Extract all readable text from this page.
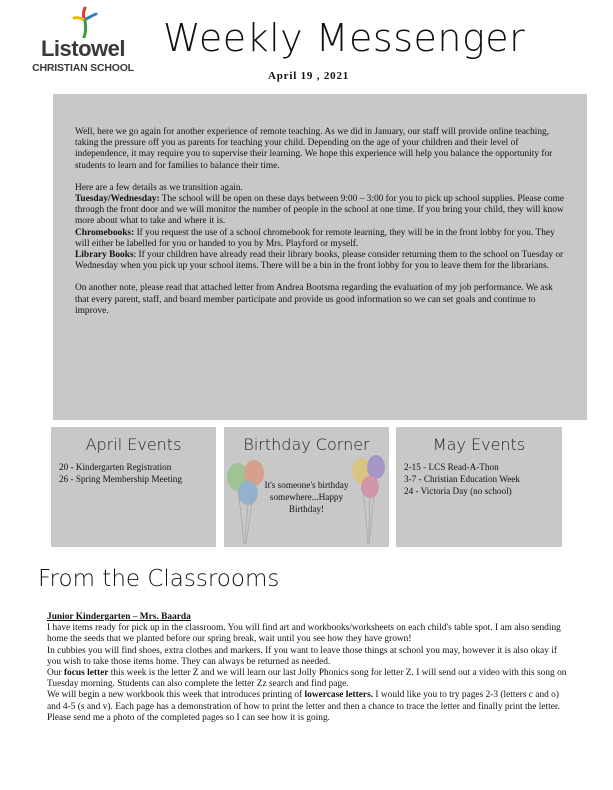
Listowel
CHRISTIAN SCHOOL
Weekly Messenger
April 19 , 2021

Well, here we go again for another experience of remote teaching. As we did in January, our staff will provide online teaching, taking the pressure off you as parents for teaching your child. Depending on the age of your children and their level of independence, it may require you to supervise their learning. We hope this experience will help you balance the opportunity for students to learn and for families to balance their time.

Here are a few details as we transition again.
Tuesday/Wednesday: The school will be open on these days between 9:00 – 3:00 for you to pick up school supplies. Please come through the front door and we will monitor the number of people in the school at one time. If you bring your child, they will know more about what to take and where it is.
Chromebooks: If you request the use of a school chromebook for remote learning, they will be in the front lobby for you. They will either be labelled for you or handed to you by Mrs. Playford or myself.
Library Books: If your children have already read their library books, please consider returning them to the school on Tuesday or Wednesday when you pick up your school items. There will be a bin in the front lobby for you to leave them for the librarians.

On another note, please read that attached letter from Andrea Bootsma regarding the evaluation of my job performance. We ask that every parent, staff, and board member participate and provide us good information so we can set goals and continue to improve.

April Events
20 - Kindergarten Registration
26 - Spring Membership Meeting
Birthday Corner
It's someone's birthday somewhere...Happy Birthday!
May Events
2-15 - LCS Read-A-Thon
3-7 - Christian Education Week
24 - Victoria Day (no school)
From the Classrooms

Junior Kindergarten – Mrs. Baarda

I have items ready for pick up in the classroom. You will find art and workbooks/worksheets on each child's table spot. I am also sending home the seeds that we planted before our spring break, wait until you see how they have grown!

In cubbies you will find shoes, extra clothes and markers. If you want to leave those things at school you may, however it is also okay if you wish to take those items home. They can always be returned as needed.

Our focus letter this week is the letter Z and we will learn our last Jolly Phonics song for letter Z. I will send out a video with this song on Tuesday morning. Students can also complete the letter Zz search and find page.

We will begin a new workbook this week that introduces printing of lowercase letters. I would like you to try pages 2-3 (letters c and o) and 4-5 (s and v). Each page has a demonstration of how to print the letter and then a chance to trace the letter and finally print the letter. Please send me a photo of the completed pages so I can see how it is going.
